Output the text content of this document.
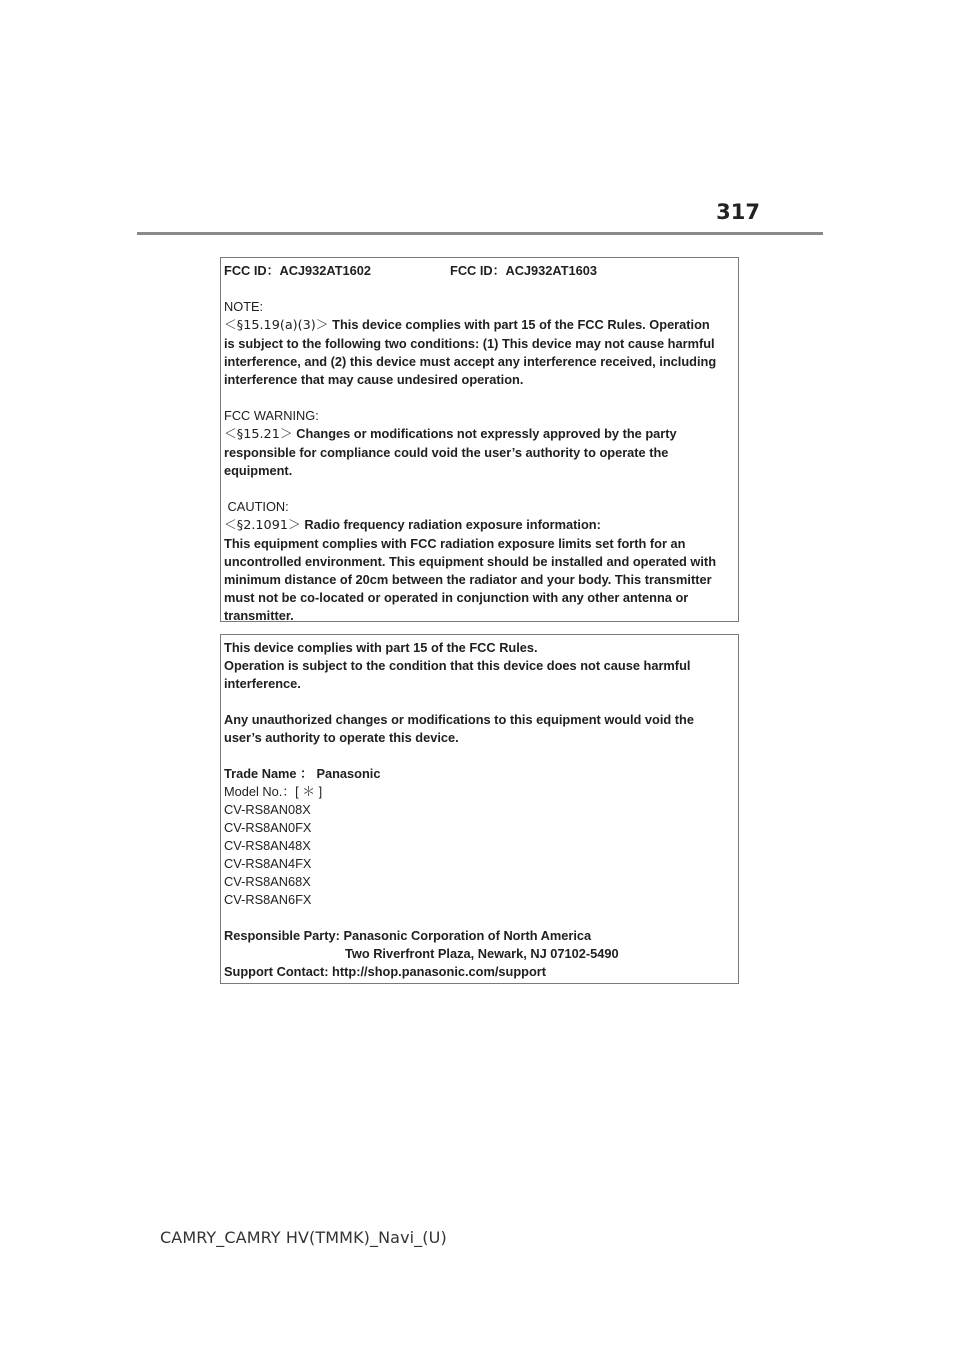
317
FCC ID：ACJ932AT1602	FCC ID：ACJ932AT1603
NOTE:
＜§15.19(a)(3)＞ This device complies with part 15 of the FCC Rules. Operation
is subject to the following two conditions: (1) This device may not cause harmful
interference, and (2) this device must accept any interference received, including
interference that may cause undesired operation.
FCC WARNING:
＜§15.21＞ Changes or modifications not expressly approved by the party
responsible for compliance could void the user’s authority to operate the
equipment.
CAUTION:
＜§2.1091＞ Radio frequency radiation exposure information:
This equipment complies with FCC radiation exposure limits set forth for an
uncontrolled environment. This equipment should be installed and operated with
minimum distance of 20cm between the radiator and your body. This transmitter
must not be co-located or operated in conjunction with any other antenna or
transmitter.
This device complies with part 15 of the FCC Rules.
Operation is subject to the condition that this device does not cause harmful
interference.
Any unauthorized changes or modifications to this equipment would void the
user’s authority to operate this device.
Trade Name ： Panasonic
Model No.：[ ＊ ]
CV-RS8AN08X
CV-RS8AN0FX
CV-RS8AN48X
CV-RS8AN4FX
CV-RS8AN68X
CV-RS8AN6FX
Responsible Party: Panasonic Corporation of North America
Two Riverfront Plaza, Newark, NJ 07102-5490
Support Contact: http://shop.panasonic.com/support
CAMRY_CAMRY HV(TMMK)_Navi_(U)
